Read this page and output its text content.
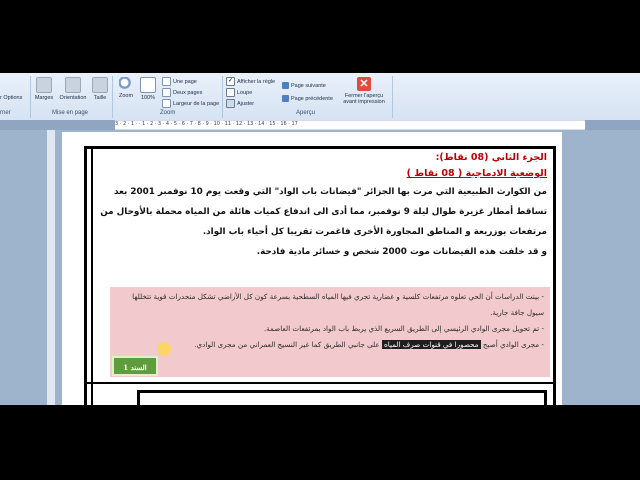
r Options
rner
Marges	Orientation	Taille
Mise en page
Zoom	100%
Une page
Deux pages
Largeur de la page
Zoom
✓ Afficher la règle
Loupe
Ajuster
Page suivante
Page précédente
✕
Fermer l'aperçu
avant impression
Aperçu
3 · 2 · 1 · · 1 · 2 · 3 · 4 · 5 · 6 · 7 · 8 · 9 · 10 · 11 · 12 · 13 · 14 · 15 · 16 · 17
الجزء الثاني (08 نقاط):
الوضعية الادماجية ( 08 نقاط )
من الكوارث الطبيعية التي مرت بها الجزائر "فيضانات باب الواد" التي وقعت يوم 10 نوفمبر 2001 بعد تساقط أمطار غزيرة طوال ليلة 9 نوفمبر، مما أدى الى اندفاع كميات هائلة من المياه محملة بالأوحال من مرتفعات بوزريعة و المناطق المجاورة الأخرى فاغمرت تقريبا كل أحياء باب الواد.
و قد خلفت هذه الفيضانات موت 2000 شخص و خسائر مادية فادحة.
- بينت الدراسات أن الحي تعلوه مرتفعات كلسية و غضارية تجري فيها المياه السطحية بسرعة كون كل الأراضي تشكل منحدرات قوية تتخللها سيول جافة جارية.
- تم تحويل مجرى الوادي الرئيسي إلى الطريق السريع الذي يربط باب الواد بمرتفعات العاصمة.
- مجرى الوادي أصبح محصورا في قنوات صرف المياه على جانبي الطريق كما غير النسيج العمراني من مجرى الوادي.
السند 1
